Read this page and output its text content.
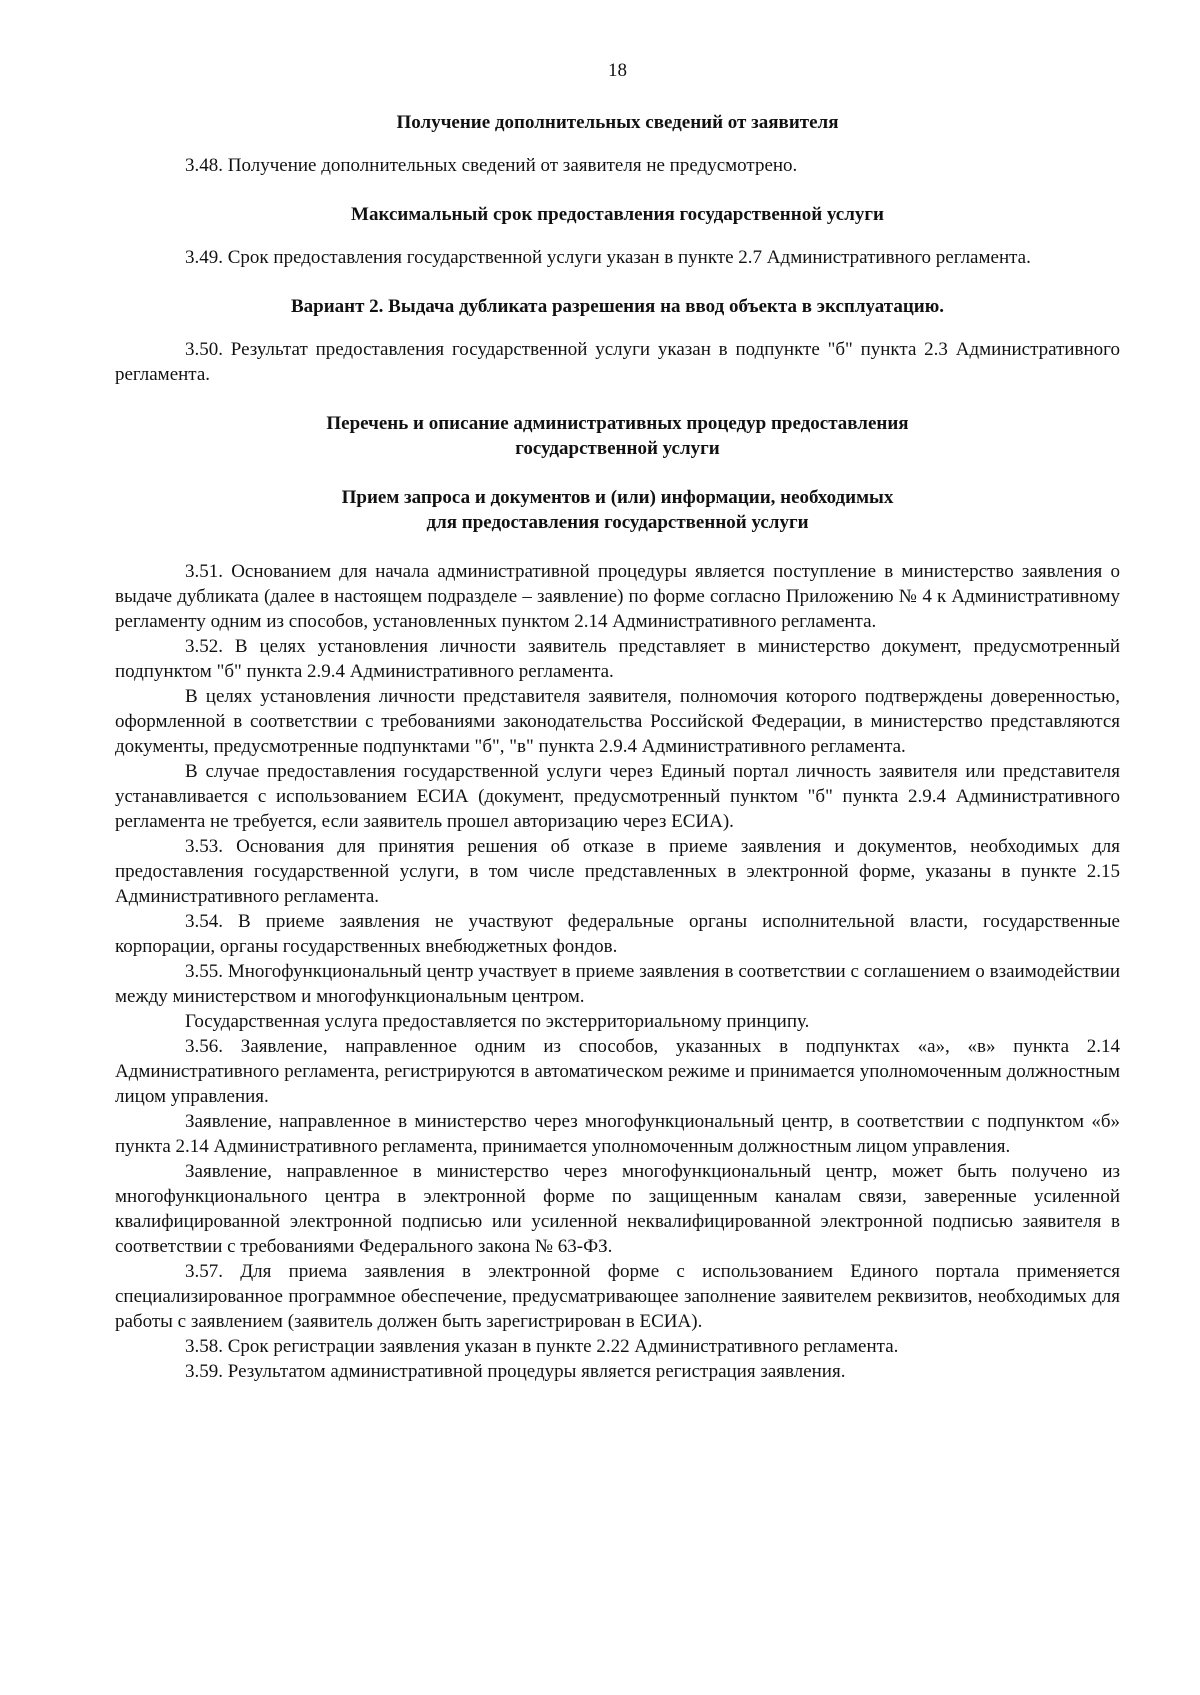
18

Получение дополнительных сведений от заявителя

3.48. Получение дополнительных сведений от заявителя не предусмотрено.

Максимальный срок предоставления государственной услуги

3.49. Срок предоставления государственной услуги указан в пункте 2.7 Административного регламента.

Вариант 2. Выдача дубликата разрешения на ввод объекта в эксплуатацию.

3.50. Результат предоставления государственной услуги указан в подпункте "б" пункта 2.3 Административного регламента.

Перечень и описание административных процедур предоставления
государственной услуги

Прием запроса и документов и (или) информации, необходимых
для предоставления государственной услуги

3.51. Основанием для начала административной процедуры является поступление в министерство заявления о выдаче дубликата (далее в настоящем подразделе – заявление) по форме согласно Приложению № 4 к Административному регламенту одним из способов, установленных пунктом 2.14 Административного регламента.

3.52. В целях установления личности заявитель представляет в министерство документ, предусмотренный подпунктом "б" пункта 2.9.4 Административного регламента.

В целях установления личности представителя заявителя, полномочия которого подтверждены доверенностью, оформленной в соответствии с требованиями законодательства Российской Федерации, в министерство представляются документы, предусмотренные подпунктами "б", "в" пункта 2.9.4 Административного регламента.

В случае предоставления государственной услуги через Единый портал личность заявителя или представителя устанавливается с использованием ЕСИА (документ, предусмотренный пунктом "б" пункта 2.9.4 Административного регламента не требуется, если заявитель прошел авторизацию через ЕСИА).

3.53. Основания для принятия решения об отказе в приеме заявления и документов, необходимых для предоставления государственной услуги, в том числе представленных в электронной форме, указаны в пункте 2.15 Административного регламента.

3.54. В приеме заявления не участвуют федеральные органы исполнительной власти, государственные корпорации, органы государственных внебюджетных фондов.

3.55. Многофункциональный центр участвует в приеме заявления в соответствии с соглашением о взаимодействии между министерством и многофункциональным центром.

Государственная услуга предоставляется по экстерриториальному принципу.

3.56. Заявление, направленное одним из способов, указанных в подпунктах «а», «в» пункта 2.14 Административного регламента, регистрируются в автоматическом режиме и принимается уполномоченным должностным лицом управления.

Заявление, направленное в министерство через многофункциональный центр, в соответствии с подпунктом «б» пункта 2.14 Административного регламента, принимается уполномоченным должностным лицом управления.

Заявление, направленное в министерство через многофункциональный центр, может быть получено из многофункционального центра в электронной форме по защищенным каналам связи, заверенные усиленной квалифицированной электронной подписью или усиленной неквалифицированной электронной подписью заявителя в соответствии с требованиями Федерального закона № 63-ФЗ.

3.57. Для приема заявления в электронной форме с использованием Единого портала применяется специализированное программное обеспечение, предусматривающее заполнение заявителем реквизитов, необходимых для работы с заявлением (заявитель должен быть зарегистрирован в ЕСИА).

3.58. Срок регистрации заявления указан в пункте 2.22 Административного регламента.

3.59. Результатом административной процедуры является регистрация заявления.
